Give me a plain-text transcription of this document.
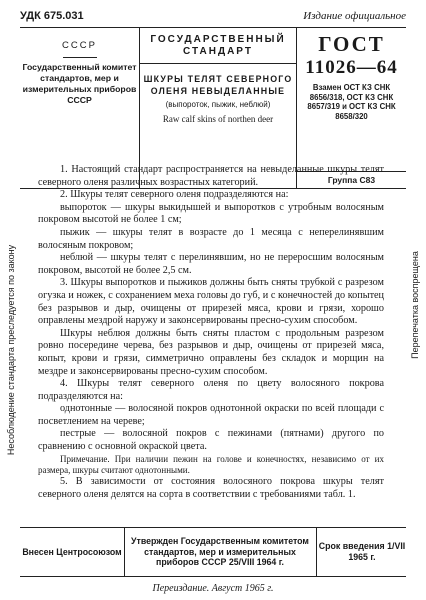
УДК 675.031	Издание официальное
СССР
Государственный комитет стандартов, мер и измерительных приборов СССР
ГОСУДАРСТВЕННЫЙ
СТАНДАРТ
ШКУРЫ ТЕЛЯТ СЕВЕРНОГО ОЛЕНЯ НЕВЫДЕЛАННЫЕ
(выпороток, пыжик, неблюй)
Raw calf skins of northen deer
ГОСТ
11026—64
Взамен ОСТ КЗ СНК 8656/318, ОСТ КЗ СНК 8657/319 и ОСТ КЗ СНК 8658/320
Группа С83
Несоблюдение стандарта преследуется по закону	Перепечатка воспрещена

1. Настоящий стандарт распространяется на невыделанные шкуры телят северного оленя различных возрастных категорий.

2. Шкуры телят северного оленя подразделяются на:

выпороток — шкуры выкидышей и выпоротков с утробным волосяным покровом высотой не более 1 см;

пыжик — шкуры телят в возрасте до 1 месяца с неперелинявшим волосяным покровом;

неблюй — шкуры телят с перелинявшим, но не переросшим волосяным покровом, высотой не более 2,5 см.

3. Шкуры выпоротков и пыжиков должны быть сняты трубкой с разрезом огузка и ножек, с сохранением меха головы до губ, и с конечностей до копытец без разрывов и дыр, очищены от прирезей мяса, крови и грязи, хорошо оправлены мездрой наружу и законсервированы пресно-сухим способом.

Шкуры неблюя должны быть сняты пластом с продольным разрезом ровно посередине черева, без разрывов и дыр, очищены от прирезей мяса, копыт, крови и грязи, симметрично оправлены без складок и морщин на мездре и законсервированы пресно-сухим способом.

4. Шкуры телят северного оленя по цвету волосяного покрова подразделяются на:

однотонные — волосяной покров однотонной окраски по всей площади с посветлением на череве;

пестрые — волосяной покров с пежинами (пятнами) другого по сравнению с основной окраской цвета.

Примечание. При наличии пежин на голове и конечностях, независимо от их размера, шкуры считают однотонными.

5. В зависимости от состояния волосяного покрова шкуры телят северного оленя делятся на сорта в соответствии с требованиями табл. 1.

Внесен Центросоюзом
Утвержден Государственным комитетом стандартов, мер и измерительных приборов СССР 25/VIII 1964 г.
Срок введения 1/VII 1965 г.
Переиздание. Август 1965 г.
